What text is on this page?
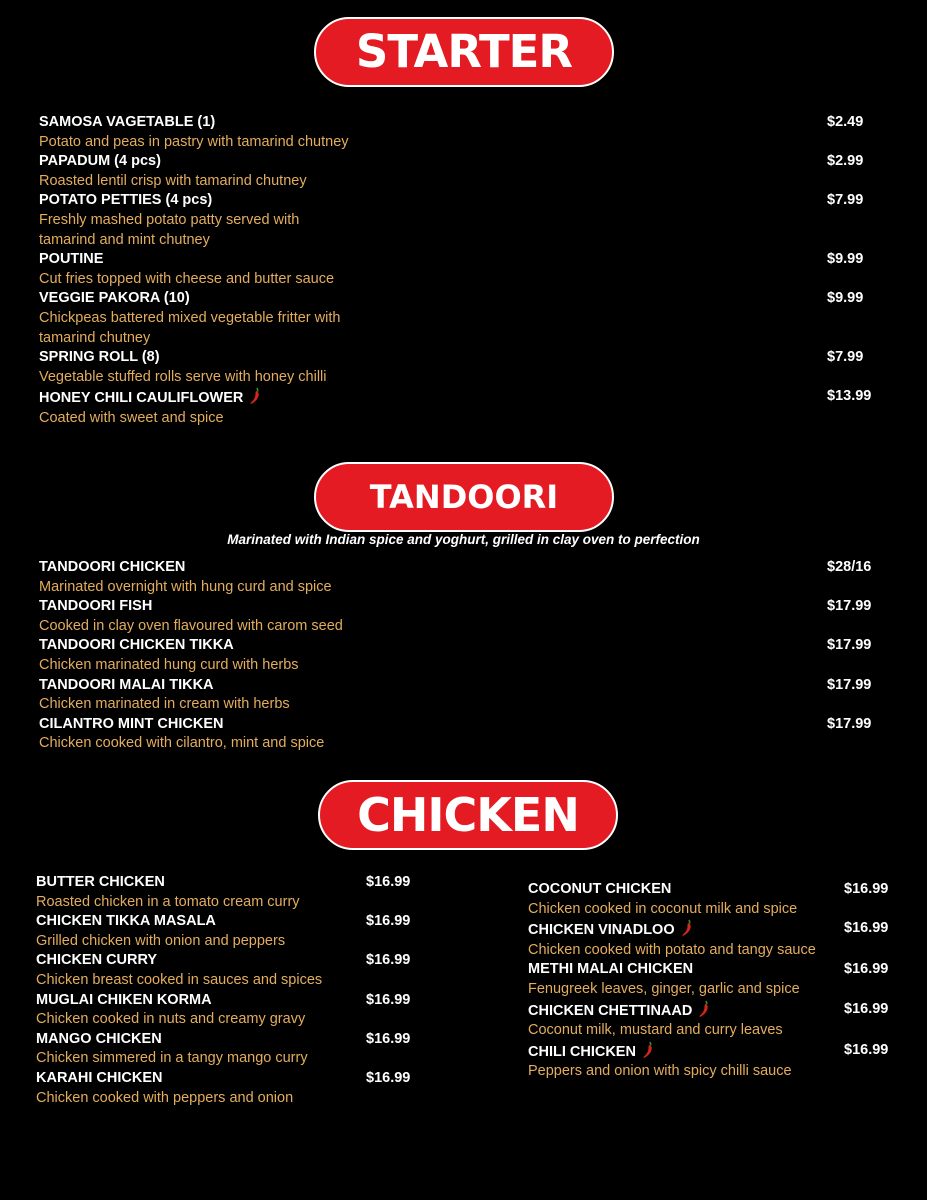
STARTER
SAMOSA VAGETABLE (1)	$2.49
Potato and peas in pastry with tamarind chutney
PAPADUM (4 pcs)	$2.99
Roasted lentil crisp with tamarind chutney
POTATO PETTIES (4 pcs)	$7.99
Freshly mashed potato patty served with
tamarind and mint chutney
POUTINE	$9.99
Cut fries topped with cheese and butter sauce
VEGGIE PAKORA (10)	$9.99
Chickpeas battered mixed vegetable fritter with
tamarind chutney
SPRING ROLL (8)	$7.99
Vegetable stuffed rolls serve with honey chilli
HONEY CHILI CAULIFLOWER	$13.99
Coated with sweet and spice
TANDOORI
Marinated with Indian spice and yoghurt, grilled in clay oven to perfection
TANDOORI CHICKEN	$28/16
Marinated overnight with hung curd and spice
TANDOORI FISH	$17.99
Cooked in clay oven flavoured with carom seed
TANDOORI CHICKEN TIKKA	$17.99
Chicken marinated hung curd with herbs
TANDOORI MALAI TIKKA	$17.99
Chicken marinated in cream with herbs
CILANTRO MINT CHICKEN	$17.99
Chicken cooked with cilantro, mint and spice
CHICKEN
BUTTER CHICKEN	$16.99
Roasted chicken in a tomato cream curry
CHICKEN TIKKA MASALA	$16.99
Grilled chicken with onion and peppers
CHICKEN CURRY	$16.99
Chicken breast cooked in sauces and spices
MUGLAI CHIKEN KORMA	$16.99
Chicken cooked in nuts and creamy gravy
MANGO CHICKEN	$16.99
Chicken simmered in a tangy mango curry
KARAHI CHICKEN	$16.99
Chicken cooked with peppers and onion
COCONUT CHICKEN	$16.99
Chicken cooked in coconut milk and spice
CHICKEN VINADLOO	$16.99
Chicken cooked with potato and tangy sauce
METHI MALAI CHICKEN	$16.99
Fenugreek leaves, ginger, garlic and spice
CHICKEN CHETTINAAD	$16.99
Coconut milk, mustard and curry leaves
CHILI CHICKEN	$16.99
Peppers and onion with spicy chilli sauce
